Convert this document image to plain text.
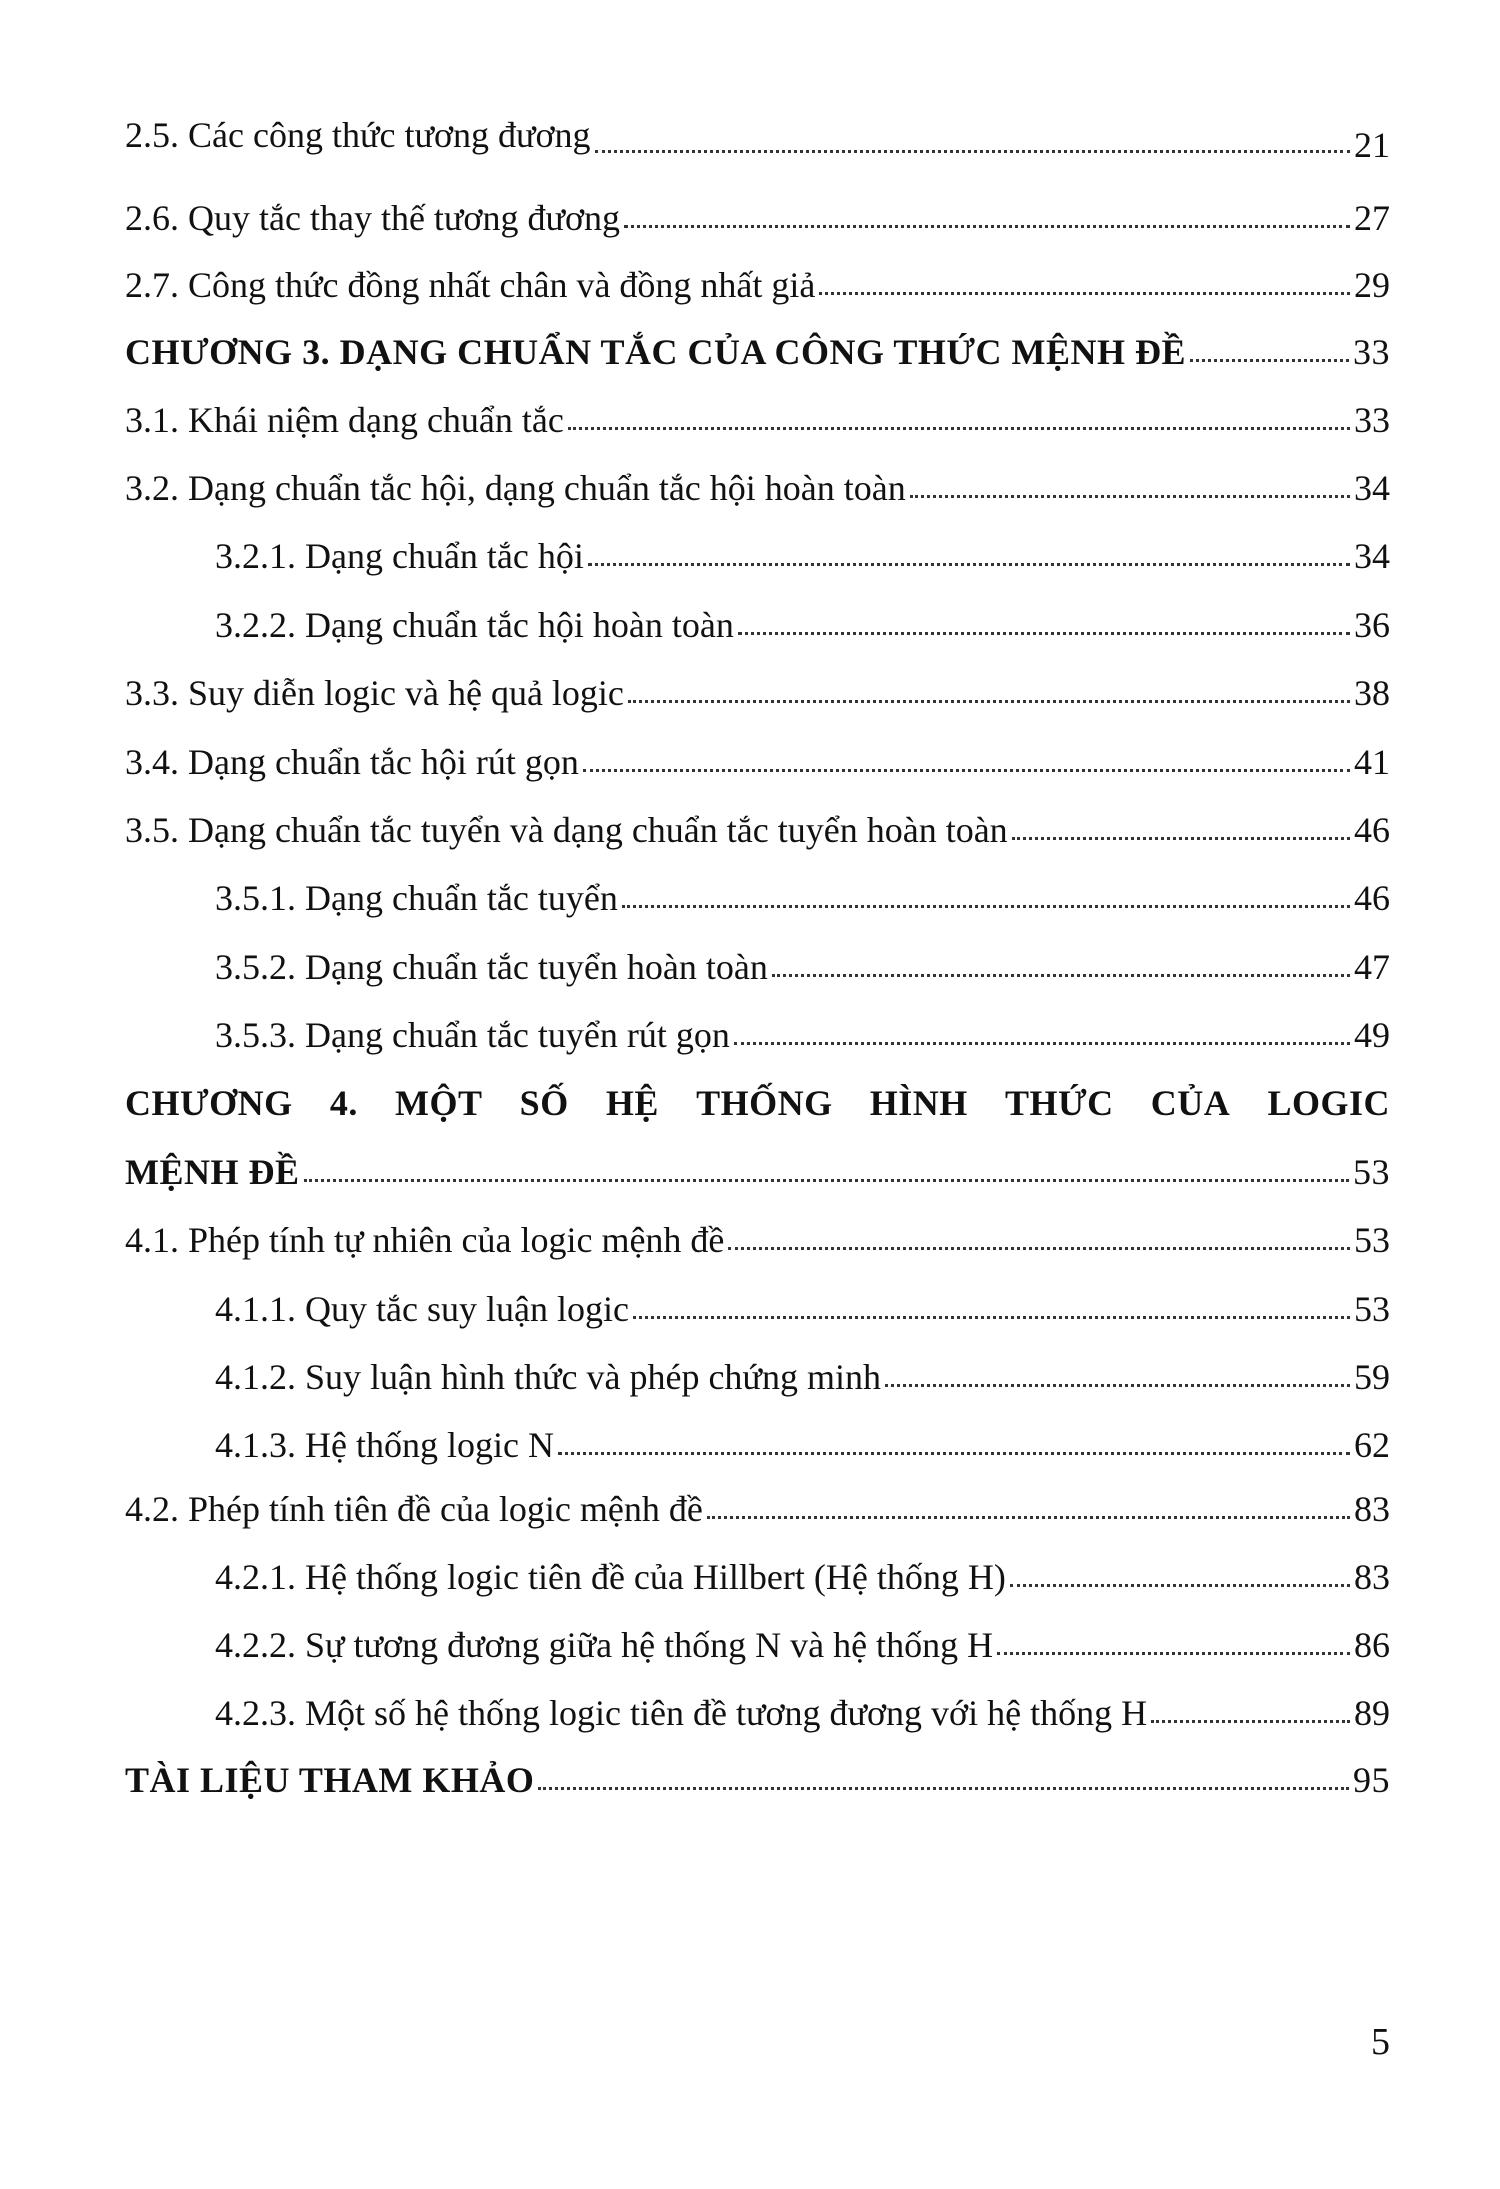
2.5. Các công thức tương đương	21
2.6. Quy tắc thay thế tương đương	27
2.7. Công thức đồng nhất chân và đồng nhất giả	29
CHƯƠNG 3. DẠNG CHUẨN TẮC CỦA CÔNG THỨC MỆNH ĐỀ	33
3.1. Khái niệm dạng chuẩn tắc	33
3.2. Dạng chuẩn tắc hội, dạng chuẩn tắc hội hoàn toàn	34
3.2.1. Dạng chuẩn tắc hội	34
3.2.2. Dạng chuẩn tắc hội hoàn toàn	36
3.3. Suy diễn logic và hệ quả logic	38
3.4. Dạng chuẩn tắc hội rút gọn	41
3.5. Dạng chuẩn tắc tuyển và dạng chuẩn tắc tuyển hoàn toàn	46
3.5.1. Dạng chuẩn tắc tuyển	46
3.5.2. Dạng chuẩn tắc tuyển hoàn toàn	47
3.5.3. Dạng chuẩn tắc tuyển rút gọn	49
CHƯƠNG 4. MỘT SỐ HỆ THỐNG HÌNH THỨC CỦA LOGIC
MỆNH ĐỀ	53
4.1. Phép tính tự nhiên của logic mệnh đề	53
4.1.1. Quy tắc suy luận logic	53
4.1.2. Suy luận hình thức và phép chứng minh	59
4.1.3. Hệ thống logic N	62
4.2. Phép tính tiên đề của logic mệnh đề	83
4.2.1. Hệ thống logic tiên đề của Hillbert (Hệ thống H)	83
4.2.2. Sự tương đương giữa hệ thống N và hệ thống H	86
4.2.3. Một số hệ thống logic tiên đề tương đương với hệ thống H	89
TÀI LIỆU THAM KHẢO	95
5
